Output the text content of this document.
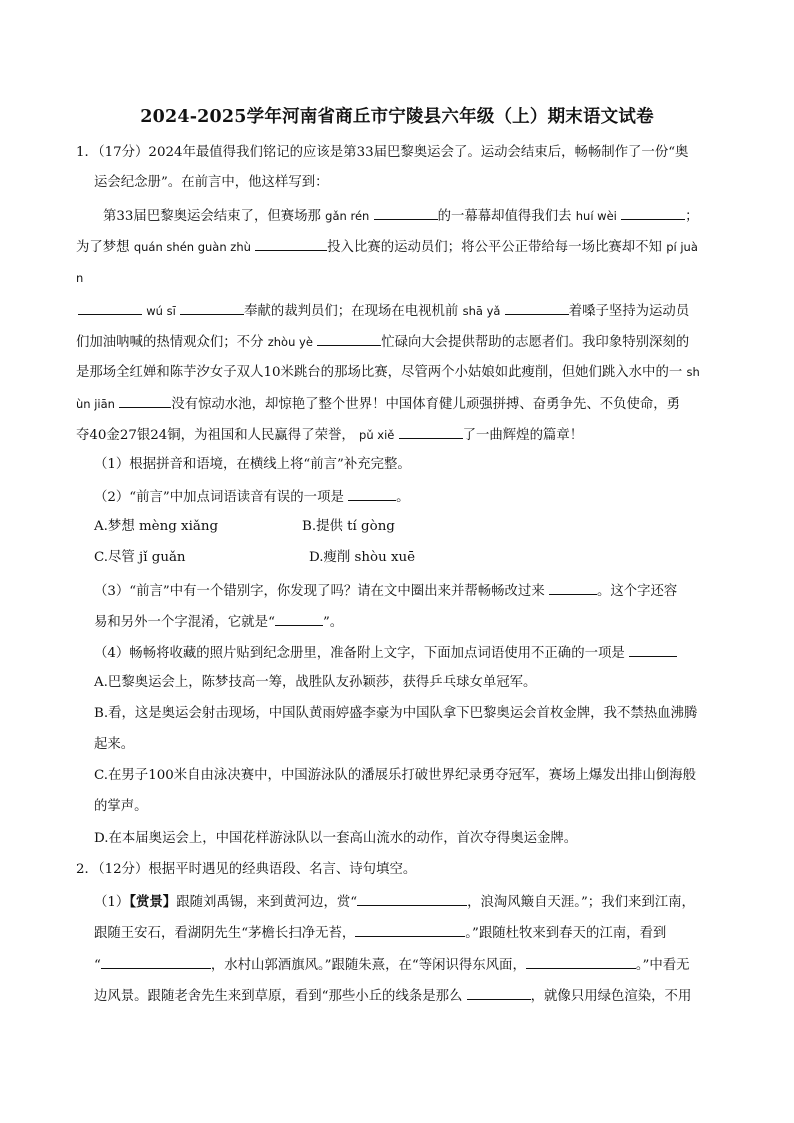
2024-2025学年河南省商丘市宁陵县六年级（上）期末语文试卷
1．（17分）2024年最值得我们铭记的应该是第33届巴黎奥运会了。运动会结束后，畅畅制作了一份“奥
运会纪念册”。在前言中，他这样写到：
第33届巴黎奥运会结束了，但赛场那 gǎn rén	的一幕幕却值得我们去 huí wèi	；
为了梦想 quán shén guàn zhù	投入比赛的运动员们；将公平公正带给每一场比赛却不知 pí juà
n
wú sī	奉献的裁判员们；在现场在电视机前 shā yǎ	着嗓子坚持为运动员
们加油呐喊的热情观众们；不分 zhòu yè	忙碌向大会提供帮助的志愿者们。我印象特别深刻的
是那场全红婵和陈芋汐女子双人10米跳台的那场比赛，尽管两个小姑娘如此瘦削，但她们跳入水中的一 sh
ùn jiān	没有惊动水池，却惊艳了整个世界！中国体育健儿顽强拼搏、奋勇争先、不负使命，勇
夺40金27银24铜，为祖国和人民赢得了荣誉， pǔ xiě	了一曲辉煌的篇章！
（1）根据拼音和语境，在横线上将“前言”补充完整。
（2）“前言”中加点词语读音有误的一项是	。
A.梦想 mèng xiǎng	B.提供 tí gòng
C.尽管 jǐ guǎn	D.瘦削 shòu xuē
（3）“前言”中有一个错别字，你发现了吗？请在文中圈出来并帮畅畅改过来	。这个字还容
易和另外一个字混淆，它就是“	”。
（4）畅畅将收藏的照片贴到纪念册里，准备附上文字，下面加点词语使用不正确的一项是
A.巴黎奥运会上，陈梦技高一筹，战胜队友孙颖莎，获得乒乓球女单冠军。
B.看，这是奥运会射击现场，中国队黄雨婷盛李豪为中国队拿下巴黎奥运会首枚金牌，我不禁热血沸腾
起来。
C.在男子100米自由泳决赛中，中国游泳队的潘展乐打破世界纪录勇夺冠军，赛场上爆发出排山倒海般
的掌声。
D.在本届奥运会上，中国花样游泳队以一套高山流水的动作，首次夺得奥运金牌。
2．（12分）根据平时遇见的经典语段、名言、诗句填空。
（1）【赏景】跟随刘禹锡，来到黄河边，赏“	，浪淘风簸自天涯。”；我们来到江南，
跟随王安石，看湖阴先生“茅檐长扫净无苔，	。”跟随杜牧来到春天的江南，看到
“	，水村山郭酒旗风。”跟随朱熹，在“等闲识得东风面，	。”中看无
边风景。跟随老舍先生来到草原，看到“那些小丘的线条是那么	，就像只用绿色渲染，不用
